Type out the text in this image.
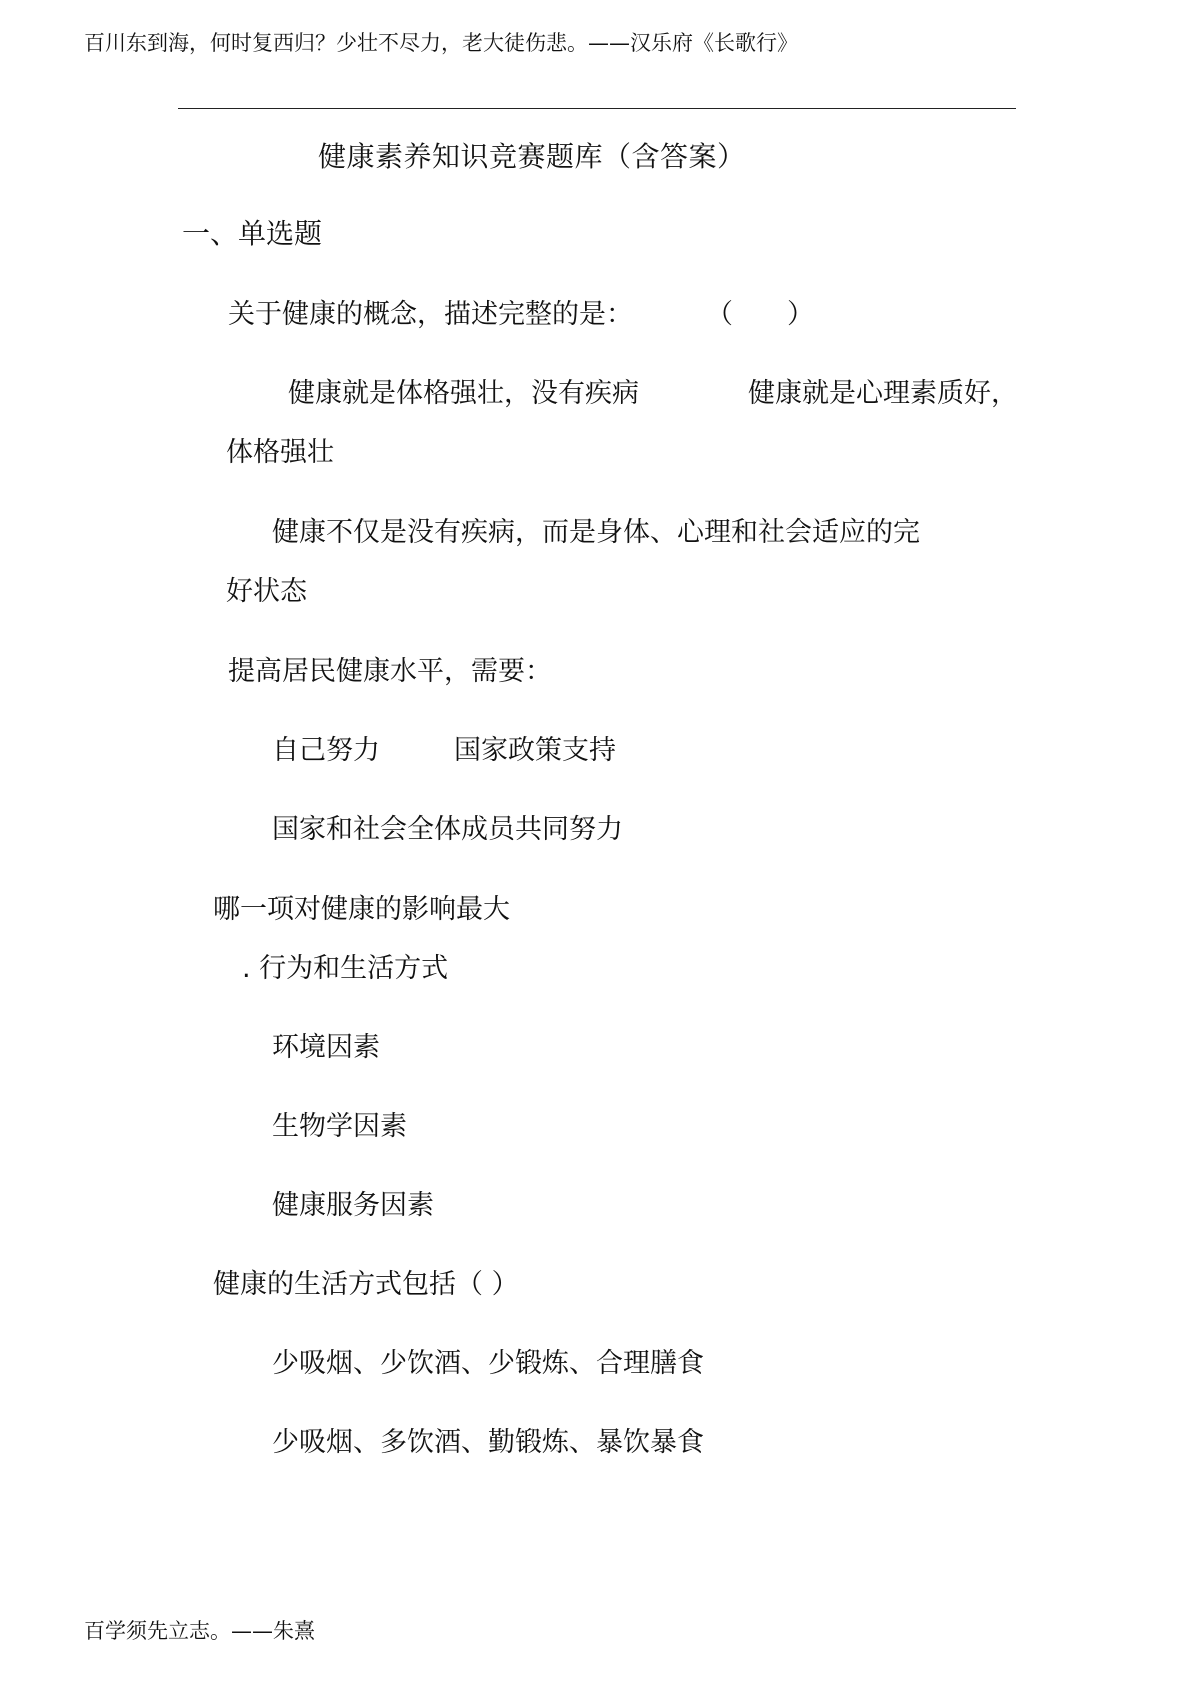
百川东到海，何时复西归？少壮不尽力，老大徒伤悲。——汉乐府《长歌行》
健康素养知识竞赛题库（含答案）
一、单选题
关于健康的概念，描述完整的是：	（　　）
健康就是体格强壮，没有疾病	健康就是心理素质好，
体格强壮
健康不仅是没有疾病，而是身体、心理和社会适应的完
好状态
提高居民健康水平，需要：
自己努力	国家政策支持
国家和社会全体成员共同努力
哪一项对健康的影响最大
. 行为和生活方式
环境因素
生物学因素
健康服务因素
健康的生活方式包括（ ）
少吸烟、少饮酒、少锻炼、合理膳食
少吸烟、多饮酒、勤锻炼、暴饮暴食
百学须先立志。——朱熹
